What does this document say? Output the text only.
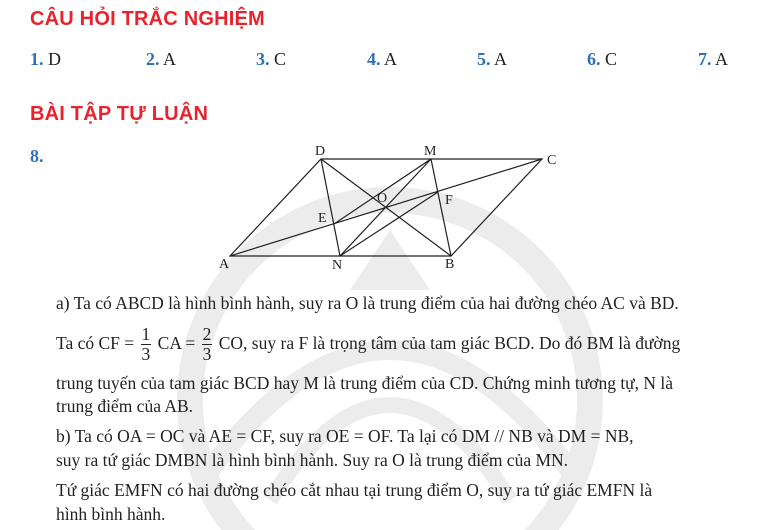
CÂU HỎI TRẮC NGHIỆM
1. D	2. A	3. C	4. A	5. A	6. C	7. A
BÀI TẬP TỰ LUẬN
8.
A	B
C
D	M
N
O
E
F
a) Ta có ABCD là hình bình hành, suy ra O là trung điểm của hai đường chéo AC và BD.
Ta có CF = $\frac{1}{3}$ CA = $\frac{2}{3}$ CO, suy ra F là trọng tâm của tam giác BCD. Do đó BM là đường
trung tuyến của tam giác BCD hay M là trung điểm của CD. Chứng minh tương tự, N là
trung điểm của AB.
b) Ta có OA = OC và AE = CF, suy ra OE = OF. Ta lại có DM // NB và DM = NB,
suy ra tứ giác DMBN là hình bình hành. Suy ra O là trung điểm của MN.
Tứ giác EMFN có hai đường chéo cắt nhau tại trung điểm O, suy ra tứ giác EMFN là
hình bình hành.
